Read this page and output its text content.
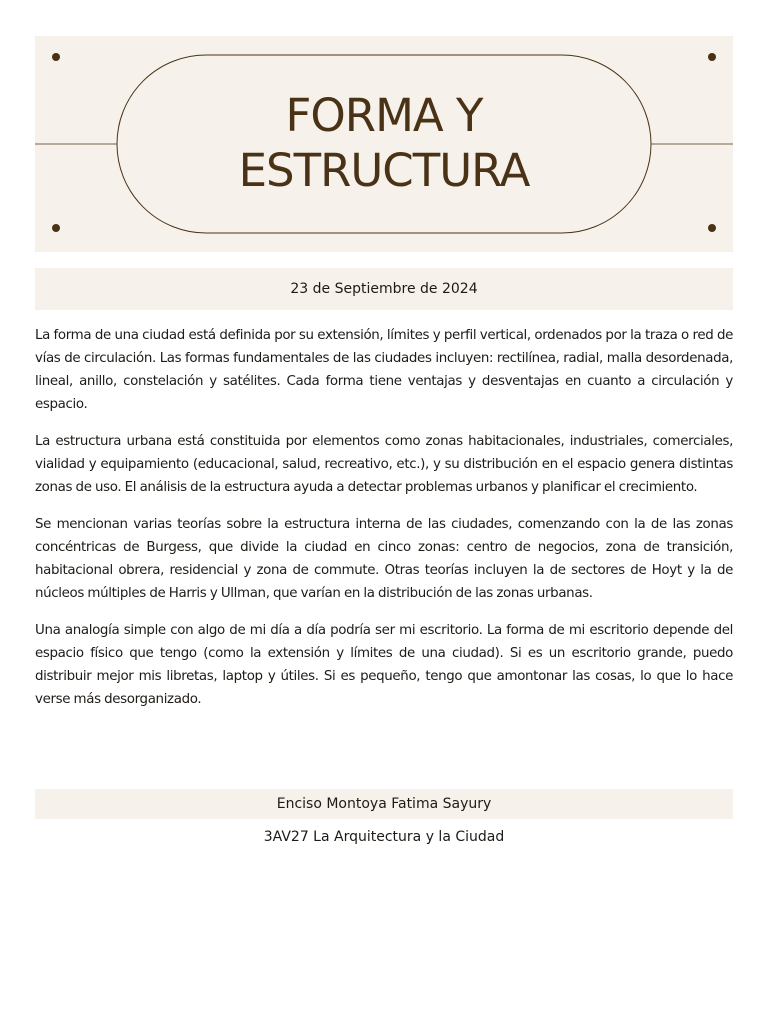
FORMA Y
ESTRUCTURA
23 de Septiembre de 2024

La forma de una ciudad está definida por su extensión, límites y perfil vertical, ordenados por la traza o red de vías de circulación. Las formas fundamentales de las ciudades incluyen: rectilínea, radial, malla desordenada, lineal, anillo, constelación y satélites. Cada forma tiene ventajas y desventajas en cuanto a circulación y espacio.

La estructura urbana está constituida por elementos como zonas habitacionales, industriales, comerciales, vialidad y equipamiento (educacional, salud, recreativo, etc.), y su distribución en el espacio genera distintas zonas de uso. El análisis de la estructura ayuda a detectar problemas urbanos y planificar el crecimiento.

Se mencionan varias teorías sobre la estructura interna de las ciudades, comenzando con la de las zonas concéntricas de Burgess, que divide la ciudad en cinco zonas: centro de negocios, zona de transición, habitacional obrera, residencial y zona de commute. Otras teorías incluyen la de sectores de Hoyt y la de núcleos múltiples de Harris y Ullman, que varían en la distribución de las zonas urbanas.

Una analogía simple con algo de mi día a día podría ser mi escritorio. La forma de mi escritorio depende del espacio físico que tengo (como la extensión y límites de una ciudad). Si es un escritorio grande, puedo distribuir mejor mis libretas, laptop y útiles. Si es pequeño, tengo que amontonar las cosas, lo que lo hace verse más desorganizado.

Enciso Montoya Fatima Sayury
3AV27 La Arquitectura y la Ciudad
